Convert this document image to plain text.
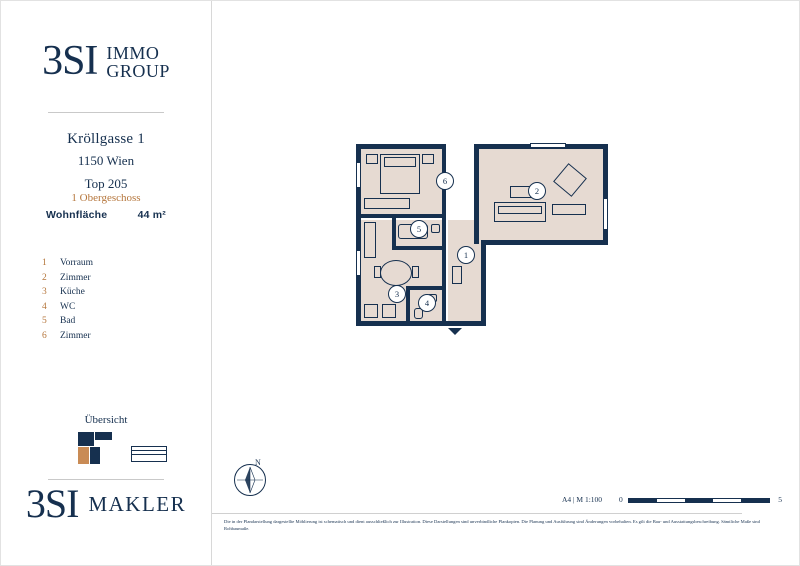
3SI IMMO
GROUP
Kröllgasse 1
1150 Wien
Top 205
1 Obergeschoss
Wohnfläche	44 m²
1	Vorraum
2	Zimmer
3	Küche
4	WC
5	Bad
6	Zimmer
Übersicht
3SI MAKLER
1
2
3
4
5
6
N
A4 | M 1:100 0	5
Die in der Plandarstellung dargestellte Möblierung ist schematisch und dient ausschließlich zur Illustration. Diese Darstellungen sind unverbindliche Plankopien. Die Planung und Ausführung sind Änderungen vorbehalten. Es gilt die Bau- und Ausstattungsbeschreibung. Sämtliche Maße sind Rohbaumaße.
